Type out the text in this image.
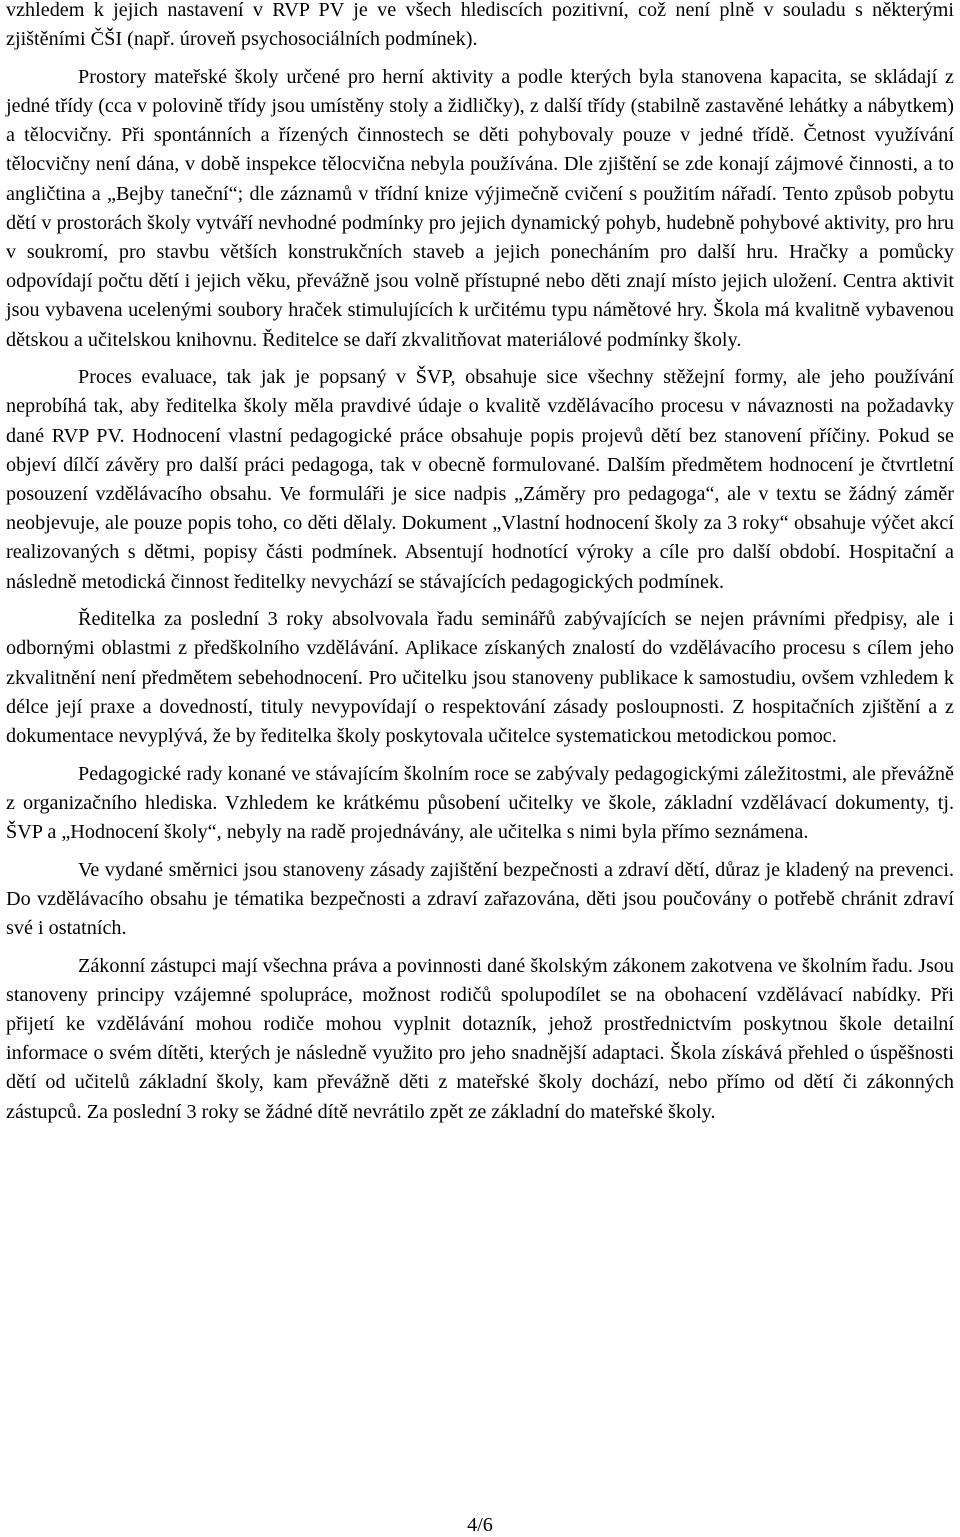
vzhledem k jejich nastavení v RVP PV je ve všech hlediscích pozitivní, což není plně v souladu s některými zjištěními ČŠI (např. úroveň psychosociálních podmínek).

Prostory mateřské školy určené pro herní aktivity a podle kterých byla stanovena kapacita, se skládají z jedné třídy (cca v polovině třídy jsou umístěny stoly a židličky), z další třídy (stabilně zastavěné lehátky a nábytkem) a tělocvičny. Při spontánních a řízených činnostech se děti pohybovaly pouze v jedné třídě. Četnost využívání tělocvičny není dána, v době inspekce tělocvična nebyla používána. Dle zjištění se zde konají zájmové činnosti, a to angličtina a „Bejby taneční“; dle záznamů v třídní knize výjimečně cvičení s použitím nářadí. Tento způsob pobytu dětí v prostorách školy vytváří nevhodné podmínky pro jejich dynamický pohyb, hudebně pohybové aktivity, pro hru v soukromí, pro stavbu větších konstrukčních staveb a jejich ponecháním pro další hru. Hračky a pomůcky odpovídají počtu dětí i jejich věku, převážně jsou volně přístupné nebo děti znají místo jejich uložení. Centra aktivit jsou vybavena ucelenými soubory hraček stimulujících k určitému typu námětové hry. Škola má kvalitně vybavenou dětskou a učitelskou knihovnu. Ředitelce se daří zkvalitňovat materiálové podmínky školy.

Proces evaluace, tak jak je popsaný v ŠVP, obsahuje sice všechny stěžejní formy, ale jeho používání neprobíhá tak, aby ředitelka školy měla pravdivé údaje o kvalitě vzdělávacího procesu v návaznosti na požadavky dané RVP PV. Hodnocení vlastní pedagogické práce obsahuje popis projevů dětí bez stanovení příčiny. Pokud se objeví dílčí závěry pro další práci pedagoga, tak v obecně formulované. Dalším předmětem hodnocení je čtvrtletní posouzení vzdělávacího obsahu. Ve formuláři je sice nadpis „Záměry pro pedagoga“, ale v textu se žádný záměr neobjevuje, ale pouze popis toho, co děti dělaly. Dokument „Vlastní hodnocení školy za 3 roky“ obsahuje výčet akcí realizovaných s dětmi, popisy části podmínek. Absentují hodnotící výroky a cíle pro další období. Hospitační a následně metodická činnost ředitelky nevychází se stávajících pedagogických podmínek.

Ředitelka za poslední 3 roky absolvovala řadu seminářů zabývajících se nejen právními předpisy, ale i odbornými oblastmi z předškolního vzdělávání. Aplikace získaných znalostí do vzdělávacího procesu s cílem jeho zkvalitnění není předmětem sebehodnocení. Pro učitelku jsou stanoveny publikace k samostudiu, ovšem vzhledem k délce její praxe a dovedností, tituly nevypovídají o respektování zásady posloupnosti. Z hospitačních zjištění a z dokumentace nevyplývá, že by ředitelka školy poskytovala učitelce systematickou metodickou pomoc.

Pedagogické rady konané ve stávajícím školním roce se zabývaly pedagogickými záležitostmi, ale převážně z organizačního hlediska. Vzhledem ke krátkému působení učitelky ve škole, základní vzdělávací dokumenty, tj. ŠVP a „Hodnocení školy“, nebyly na radě projednávány, ale učitelka s nimi byla přímo seznámena.

Ve vydané směrnici jsou stanoveny zásady zajištění bezpečnosti a zdraví dětí, důraz je kladený na prevenci. Do vzdělávacího obsahu je tématika bezpečnosti a zdraví zařazována, děti jsou poučovány o potřebě chránit zdraví své i ostatních.

Zákonní zástupci mají všechna práva a povinnosti dané školským zákonem zakotvena ve školním řadu. Jsou stanoveny principy vzájemné spolupráce, možnost rodičů spolupodílet se na obohacení vzdělávací nabídky. Při přijetí ke vzdělávání mohou rodiče mohou vyplnit dotazník, jehož prostřednictvím poskytnou škole detailní informace o svém dítěti, kterých je následně využito pro jeho snadnější adaptaci. Škola získává přehled o úspěšnosti dětí od učitelů základní školy, kam převážně děti z mateřské školy dochází, nebo přímo od dětí či zákonných zástupců. Za poslední 3 roky se žádné dítě nevrátilo zpět ze základní do mateřské školy.

4/6
